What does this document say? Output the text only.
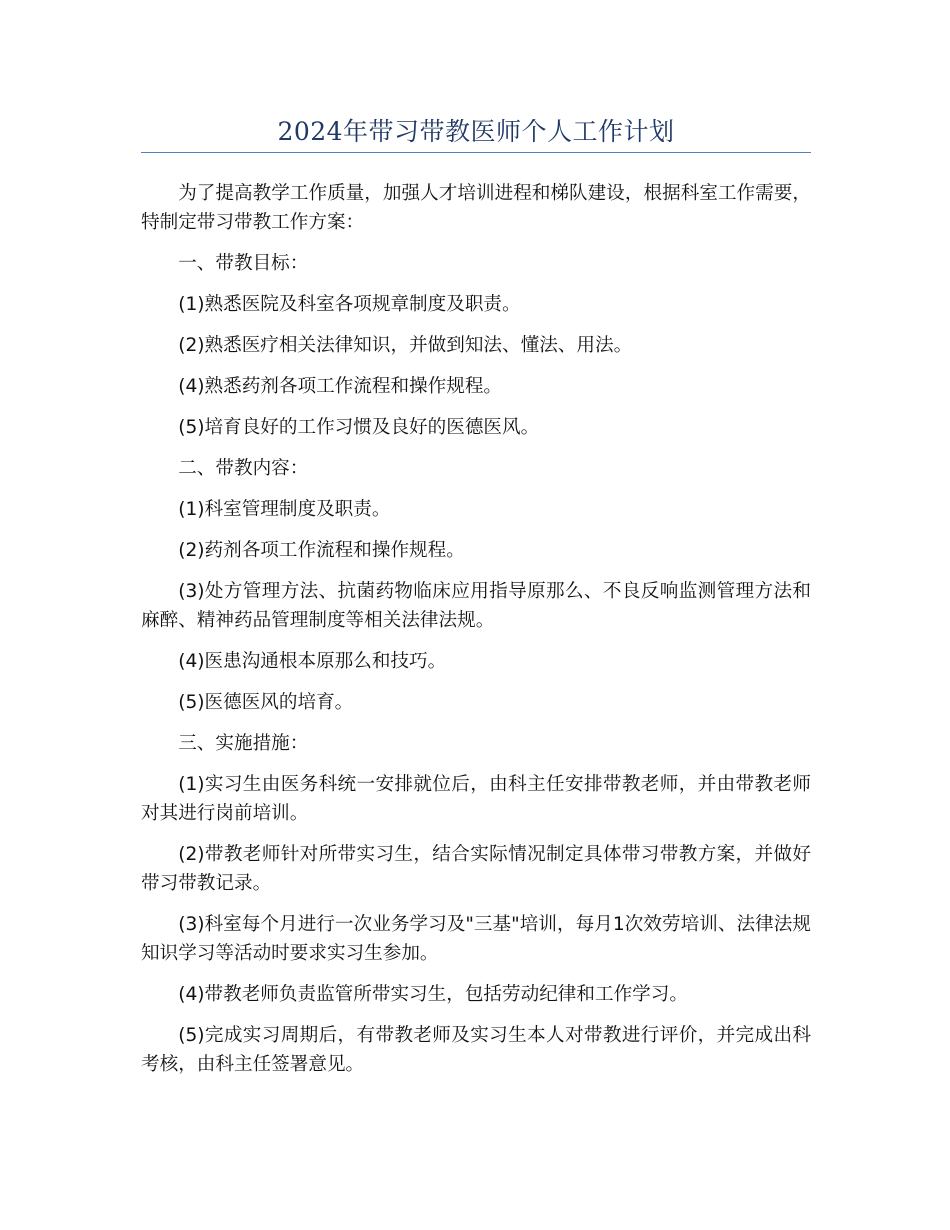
2024年带习带教医师个人工作计划

为了提高教学工作质量，加强人才培训进程和梯队建设，根据科室工作需要，特制定带习带教工作方案：

一、带教目标：

(1)熟悉医院及科室各项规章制度及职责。

(2)熟悉医疗相关法律知识，并做到知法、懂法、用法。

(4)熟悉药剂各项工作流程和操作规程。

(5)培育良好的工作习惯及良好的医德医风。

二、带教内容：

(1)科室管理制度及职责。

(2)药剂各项工作流程和操作规程。

(3)处方管理方法、抗菌药物临床应用指导原那么、不良反响监测管理方法和麻醉、精神药品管理制度等相关法律法规。

(4)医患沟通根本原那么和技巧。

(5)医德医风的培育。

三、实施措施：

(1)实习生由医务科统一安排就位后，由科主任安排带教老师，并由带教老师对其进行岗前培训。

(2)带教老师针对所带实习生，结合实际情况制定具体带习带教方案，并做好带习带教记录。

(3)科室每个月进行一次业务学习及"三基"培训，每月1次效劳培训、法律法规知识学习等活动时要求实习生参加。

(4)带教老师负责监管所带实习生，包括劳动纪律和工作学习。

(5)完成实习周期后，有带教老师及实习生本人对带教进行评价，并完成出科考核，由科主任签署意见。
